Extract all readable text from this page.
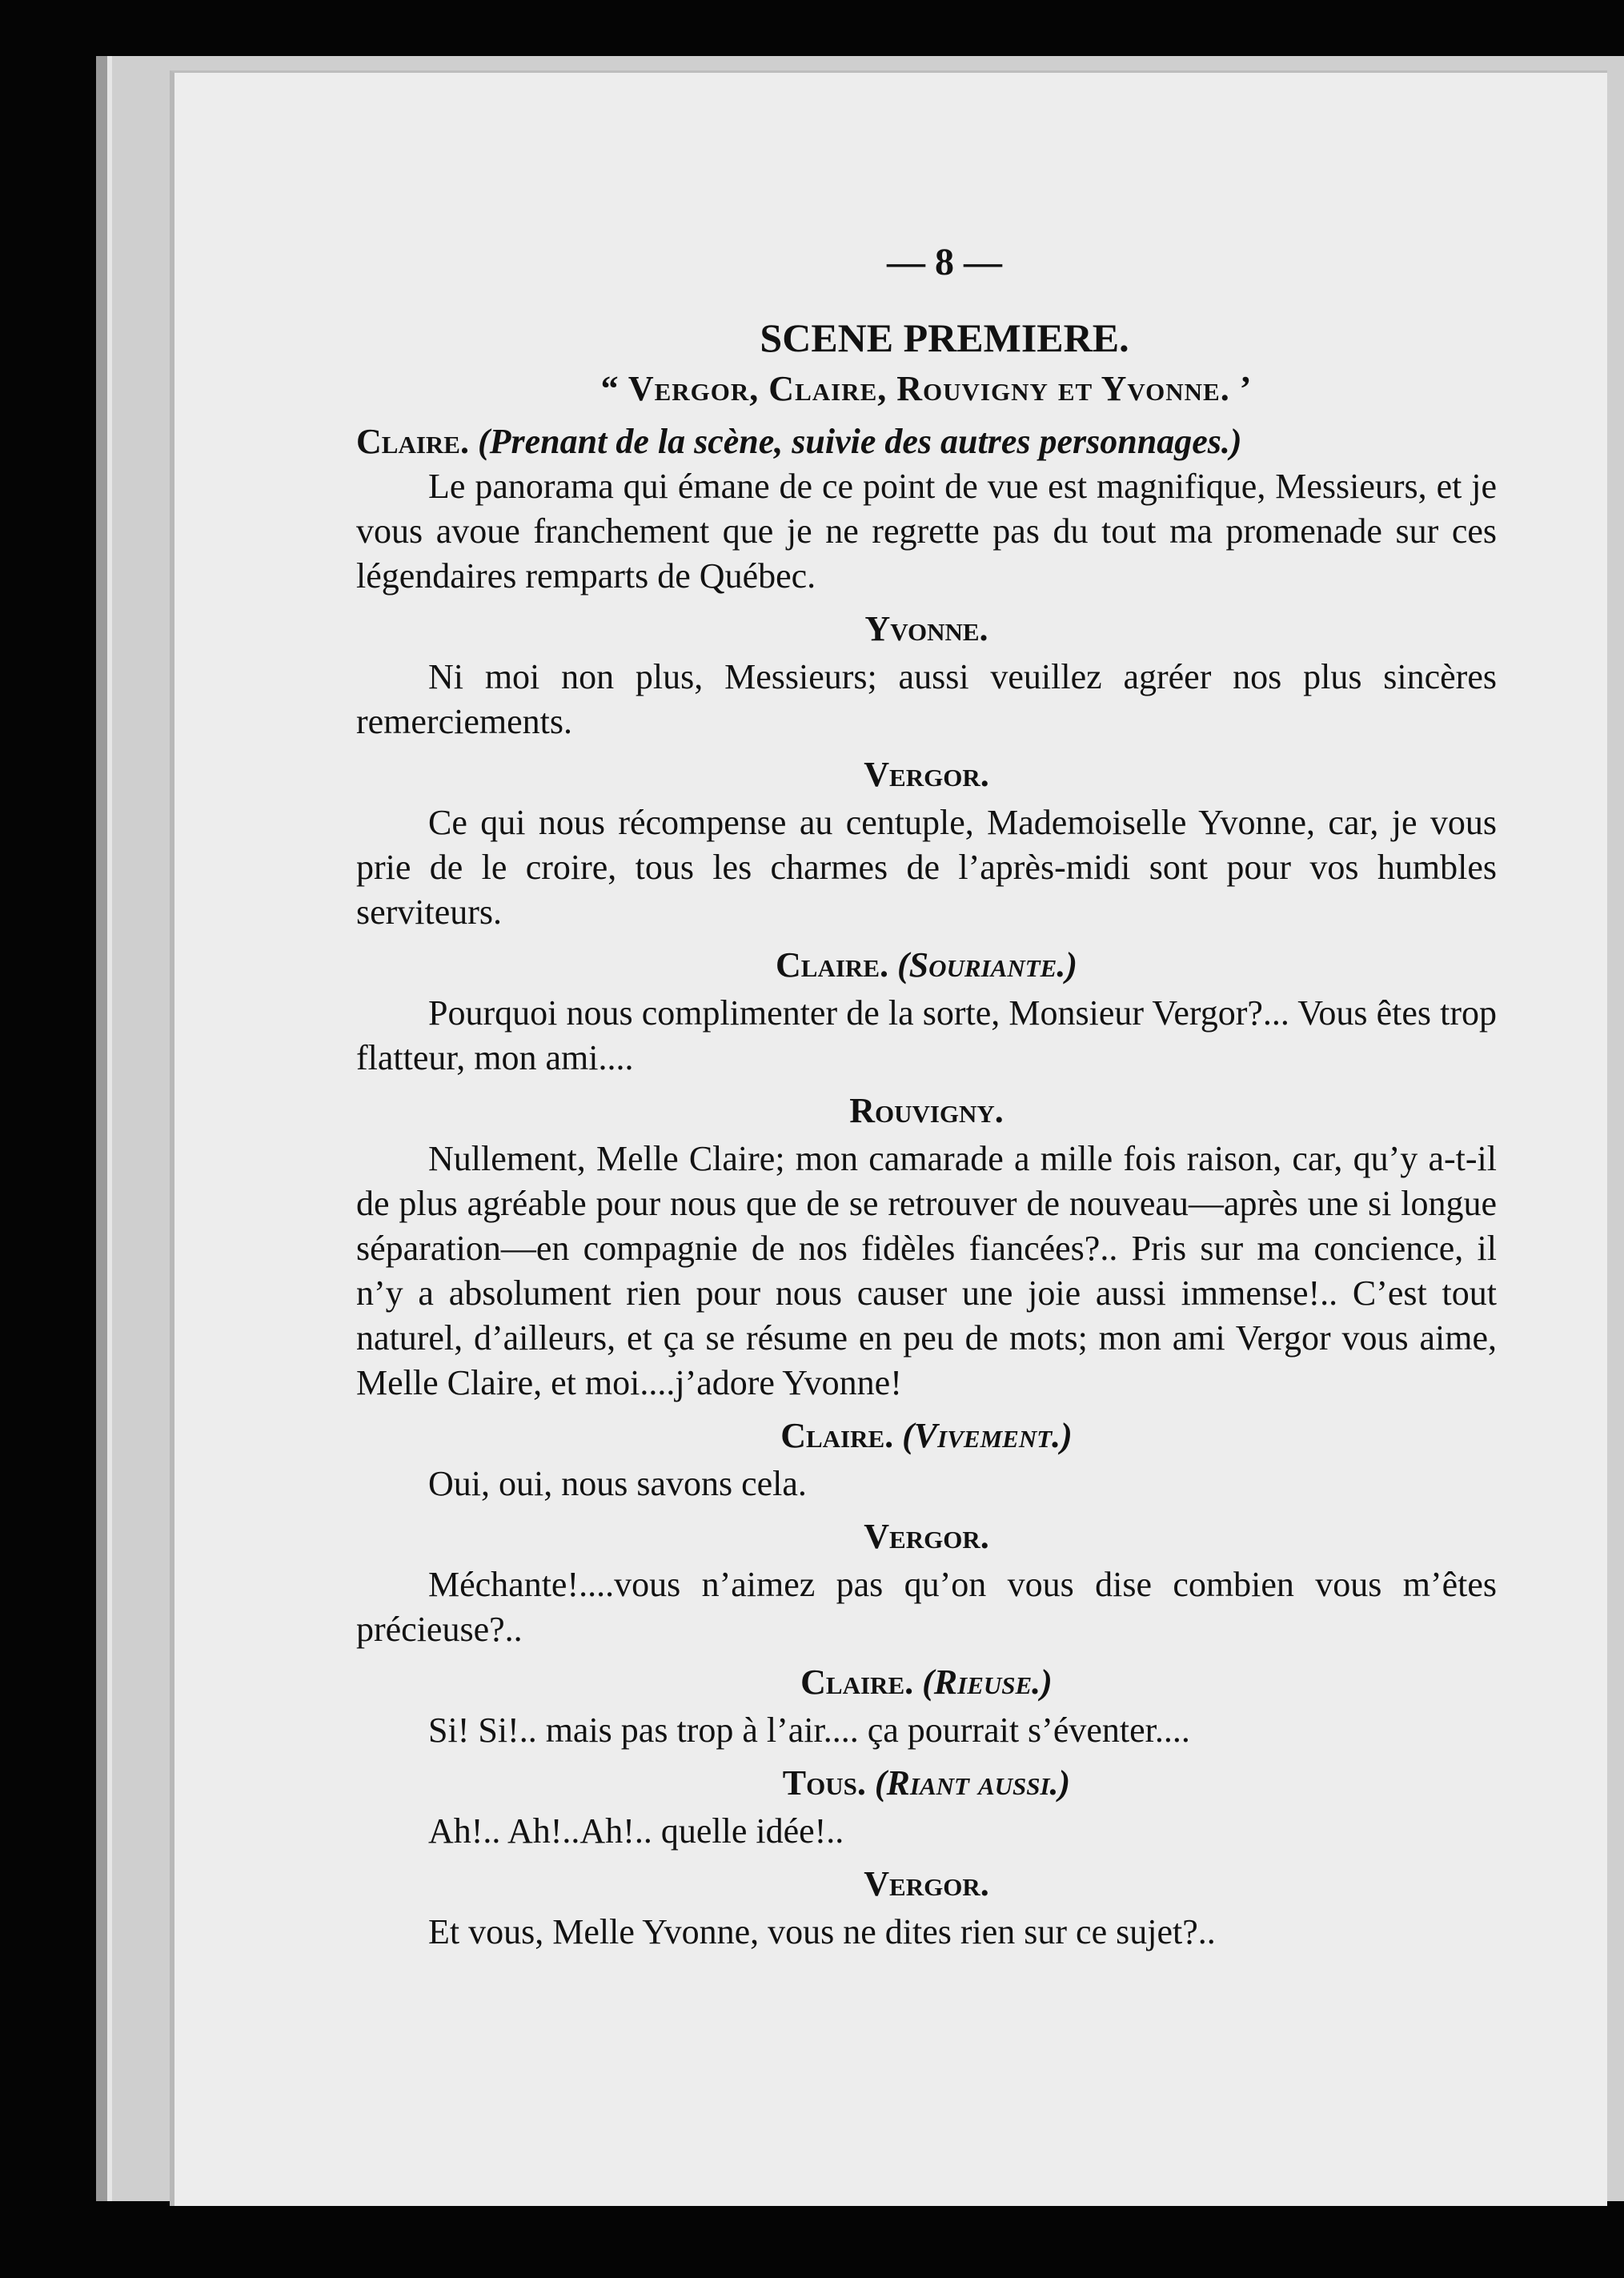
— 8 —
SCENE PREMIERE.
“ Vergor, Claire, Rouvigny et Yvonne. ’

Claire. (Prenant de la scène, suivie des autres personnages.)

Le panorama qui émane de ce point de vue est magnifique, Messieurs, et je vous avoue franchement que je ne regrette pas du tout ma promenade sur ces légendaires remparts de Québec.

Yvonne.

Ni moi non plus, Messieurs; aussi veuillez agréer nos plus sincères remerciements.

Vergor.

Ce qui nous récompense au centuple, Mademoiselle Yvonne, car, je vous prie de le croire, tous les charmes de l’après-midi sont pour vos humbles serviteurs.

Claire. (Souriante.)

Pourquoi nous complimenter de la sorte, Monsieur Vergor?... Vous êtes trop flatteur, mon ami....

Rouvigny.

Nullement, Melle Claire; mon camarade a mille fois raison, car, qu’y a-t-il de plus agréable pour nous que de se retrouver de nouveau—après une si longue séparation—en compagnie de nos fidèles fiancées?.. Pris sur ma concience, il n’y a absolument rien pour nous causer une joie aussi immense!.. C’est tout naturel, d’ailleurs, et ça se résume en peu de mots; mon ami Vergor vous aime, Melle Claire, et moi....j’adore Yvonne!

Claire. (Vivement.)

Oui, oui, nous savons cela.

Vergor.

Méchante!....vous n’aimez pas qu’on vous dise combien vous m’êtes précieuse?..

Claire. (Rieuse.)

Si! Si!.. mais pas trop à l’air.... ça pourrait s’éventer....

Tous. (Riant aussi.)

Ah!.. Ah!..Ah!.. quelle idée!..

Vergor.

Et vous, Melle Yvonne, vous ne dites rien sur ce sujet?..
